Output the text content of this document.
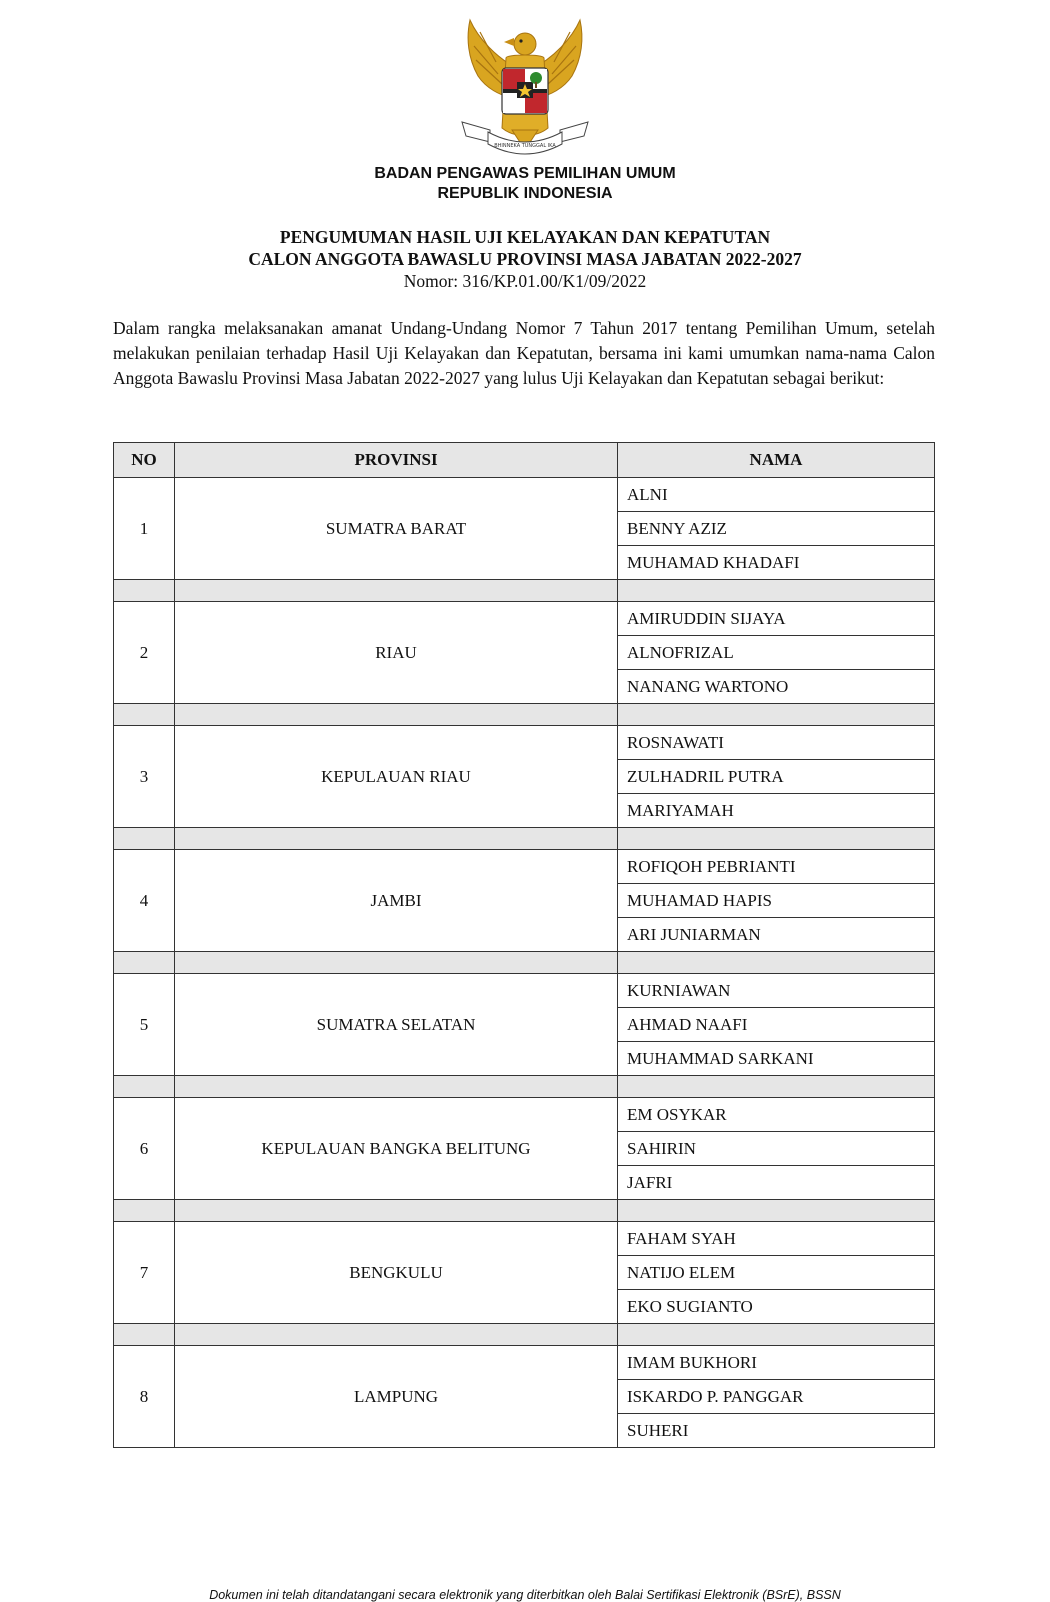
BHINNEKA TUNGGAL IKA
BADAN PENGAWAS PEMILIHAN UMUM
REPUBLIK INDONESIA
PENGUMUMAN HASIL UJI KELAYAKAN DAN KEPATUTAN
CALON ANGGOTA BAWASLU PROVINSI MASA JABATAN 2022-2027
Nomor: 316/KP.01.00/K1/09/2022
Dalam rangka melaksanakan amanat Undang-Undang Nomor 7 Tahun 2017 tentang Pemilihan Umum, setelah melakukan penilaian terhadap Hasil Uji Kelayakan dan Kepatutan, bersama ini kami umumkan nama-nama Calon Anggota Bawaslu Provinsi Masa Jabatan 2022-2027 yang lulus Uji Kelayakan dan Kepatutan sebagai berikut:
NO	PROVINSI	NAMA
1	SUMATRA BARAT	ALNI
		BENNY AZIZ
		MUHAMAD KHADAFI

2	RIAU	AMIRUDDIN SIJAYA
		ALNOFRIZAL
		NANANG WARTONO

3	KEPULAUAN RIAU	ROSNAWATI
		ZULHADRIL PUTRA
		MARIYAMAH

4	JAMBI	ROFIQOH PEBRIANTI
		MUHAMAD HAPIS
		ARI JUNIARMAN

5	SUMATRA SELATAN	KURNIAWAN
		AHMAD NAAFI
		MUHAMMAD SARKANI

6	KEPULAUAN BANGKA BELITUNG	EM OSYKAR
		SAHIRIN
		JAFRI

7	BENGKULU	FAHAM SYAH
		NATIJO ELEM
		EKO SUGIANTO

8	LAMPUNG	IMAM BUKHORI
		ISKARDO P. PANGGAR
		SUHERI
Dokumen ini telah ditandatangani secara elektronik yang diterbitkan oleh Balai Sertifikasi Elektronik (BSrE), BSSN
